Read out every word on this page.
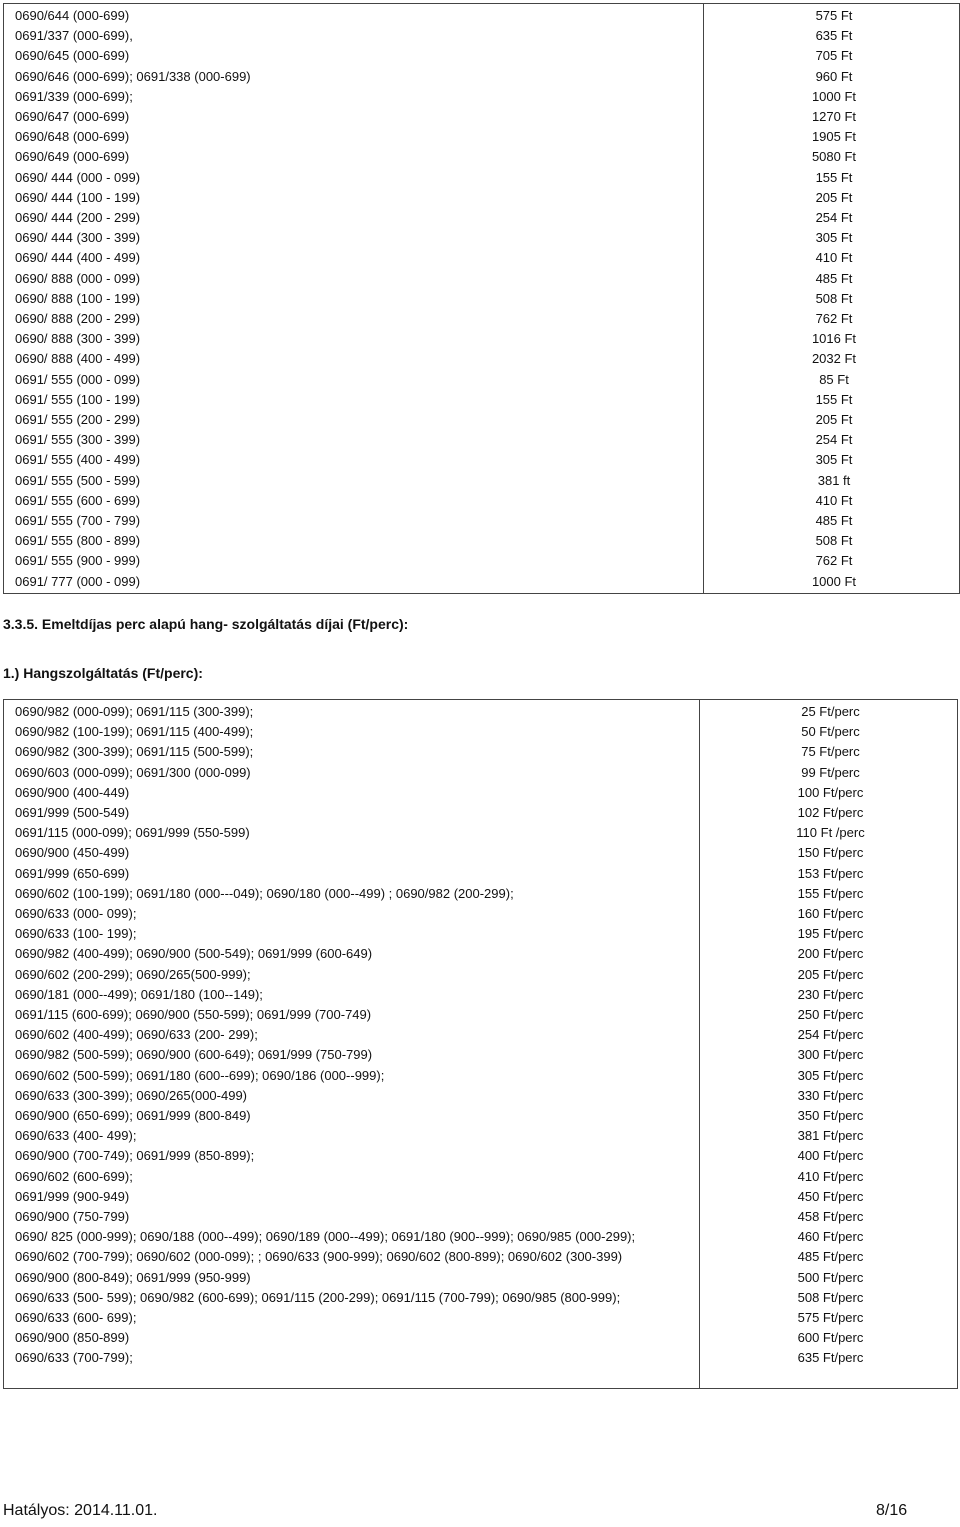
0690/644 (000-699)	575 Ft
0691/337 (000-699),	635 Ft
0690/645 (000-699)	705 Ft
0690/646 (000-699); 0691/338 (000-699)	960 Ft
0691/339 (000-699);	1000 Ft
0690/647 (000-699)	1270 Ft
0690/648 (000-699)	1905 Ft
0690/649 (000-699)	5080 Ft
0690/ 444 (000 - 099)	155 Ft
0690/ 444 (100 - 199)	205 Ft
0690/ 444 (200 - 299)	254 Ft
0690/ 444 (300 - 399)	305 Ft
0690/ 444 (400 - 499)	410 Ft
0690/ 888 (000 - 099)	485 Ft
0690/ 888 (100 - 199)	508 Ft
0690/ 888 (200 - 299)	762 Ft
0690/ 888 (300 - 399)	1016 Ft
0690/ 888 (400 - 499)	2032 Ft
0691/ 555 (000 - 099)	85 Ft
0691/ 555 (100 - 199)	155 Ft
0691/ 555 (200 - 299)	205 Ft
0691/ 555 (300 - 399)	254 Ft
0691/ 555 (400 - 499)	305 Ft
0691/ 555 (500 - 599)	381 ft
0691/ 555 (600 - 699)	410 Ft
0691/ 555 (700 - 799)	485 Ft
0691/ 555 (800 - 899)	508 Ft
0691/ 555 (900 - 999)	762 Ft
0691/ 777 (000 - 099)	1000 Ft
3.3.5. Emeltdíjas perc alapú hang- szolgáltatás díjai (Ft/perc):
1.) Hangszolgáltatás (Ft/perc):
0690/982 (000-099); 0691/115 (300-399);	25 Ft/perc
0690/982 (100-199); 0691/115 (400-499);	50 Ft/perc
0690/982 (300-399); 0691/115 (500-599);	75 Ft/perc
0690/603 (000-099); 0691/300 (000-099)	99 Ft/perc
0690/900 (400-449)	100 Ft/perc
0691/999 (500-549)	102 Ft/perc
0691/115 (000-099); 0691/999 (550-599)	110 Ft /perc
0690/900 (450-499)	150 Ft/perc
0691/999 (650-699)	153 Ft/perc
0690/602 (100-199); 0691/180 (000---049); 0690/180 (000--499) ; 0690/982 (200-299);	155 Ft/perc
0690/633 (000- 099);	160 Ft/perc
0690/633 (100- 199);	195 Ft/perc
0690/982 (400-499); 0690/900 (500-549); 0691/999 (600-649)	200 Ft/perc
0690/602 (200-299); 0690/265(500-999);	205 Ft/perc
0690/181 (000--499); 0691/180 (100--149);	230 Ft/perc
0691/115 (600-699); 0690/900 (550-599); 0691/999 (700-749)	250 Ft/perc
0690/602 (400-499); 0690/633 (200- 299);	254 Ft/perc
0690/982 (500-599); 0690/900 (600-649); 0691/999 (750-799)	300 Ft/perc
0690/602 (500-599); 0691/180 (600--699); 0690/186 (000--999);	305 Ft/perc
0690/633 (300-399); 0690/265(000-499)	330 Ft/perc
0690/900 (650-699); 0691/999 (800-849)	350 Ft/perc
0690/633 (400- 499);	381 Ft/perc
0690/900 (700-749); 0691/999 (850-899);	400 Ft/perc
0690/602 (600-699);	410 Ft/perc
0691/999 (900-949)	450 Ft/perc
0690/900 (750-799)	458 Ft/perc
0690/ 825 (000-999); 0690/188 (000--499); 0690/189 (000--499); 0691/180 (900--999); 0690/985 (000-299);	460 Ft/perc
0690/602 (700-799); 0690/602 (000-099); ; 0690/633 (900-999); 0690/602 (800-899); 0690/602 (300-399)	485 Ft/perc
0690/900 (800-849); 0691/999 (950-999)	500 Ft/perc
0690/633 (500- 599); 0690/982 (600-699); 0691/115 (200-299); 0691/115 (700-799); 0690/985 (800-999);	508 Ft/perc
0690/633 (600- 699);	575 Ft/perc
0690/900 (850-899)	600 Ft/perc
0690/633 (700-799);	635 Ft/perc
Hatályos: 2014.11.01.	8/16
